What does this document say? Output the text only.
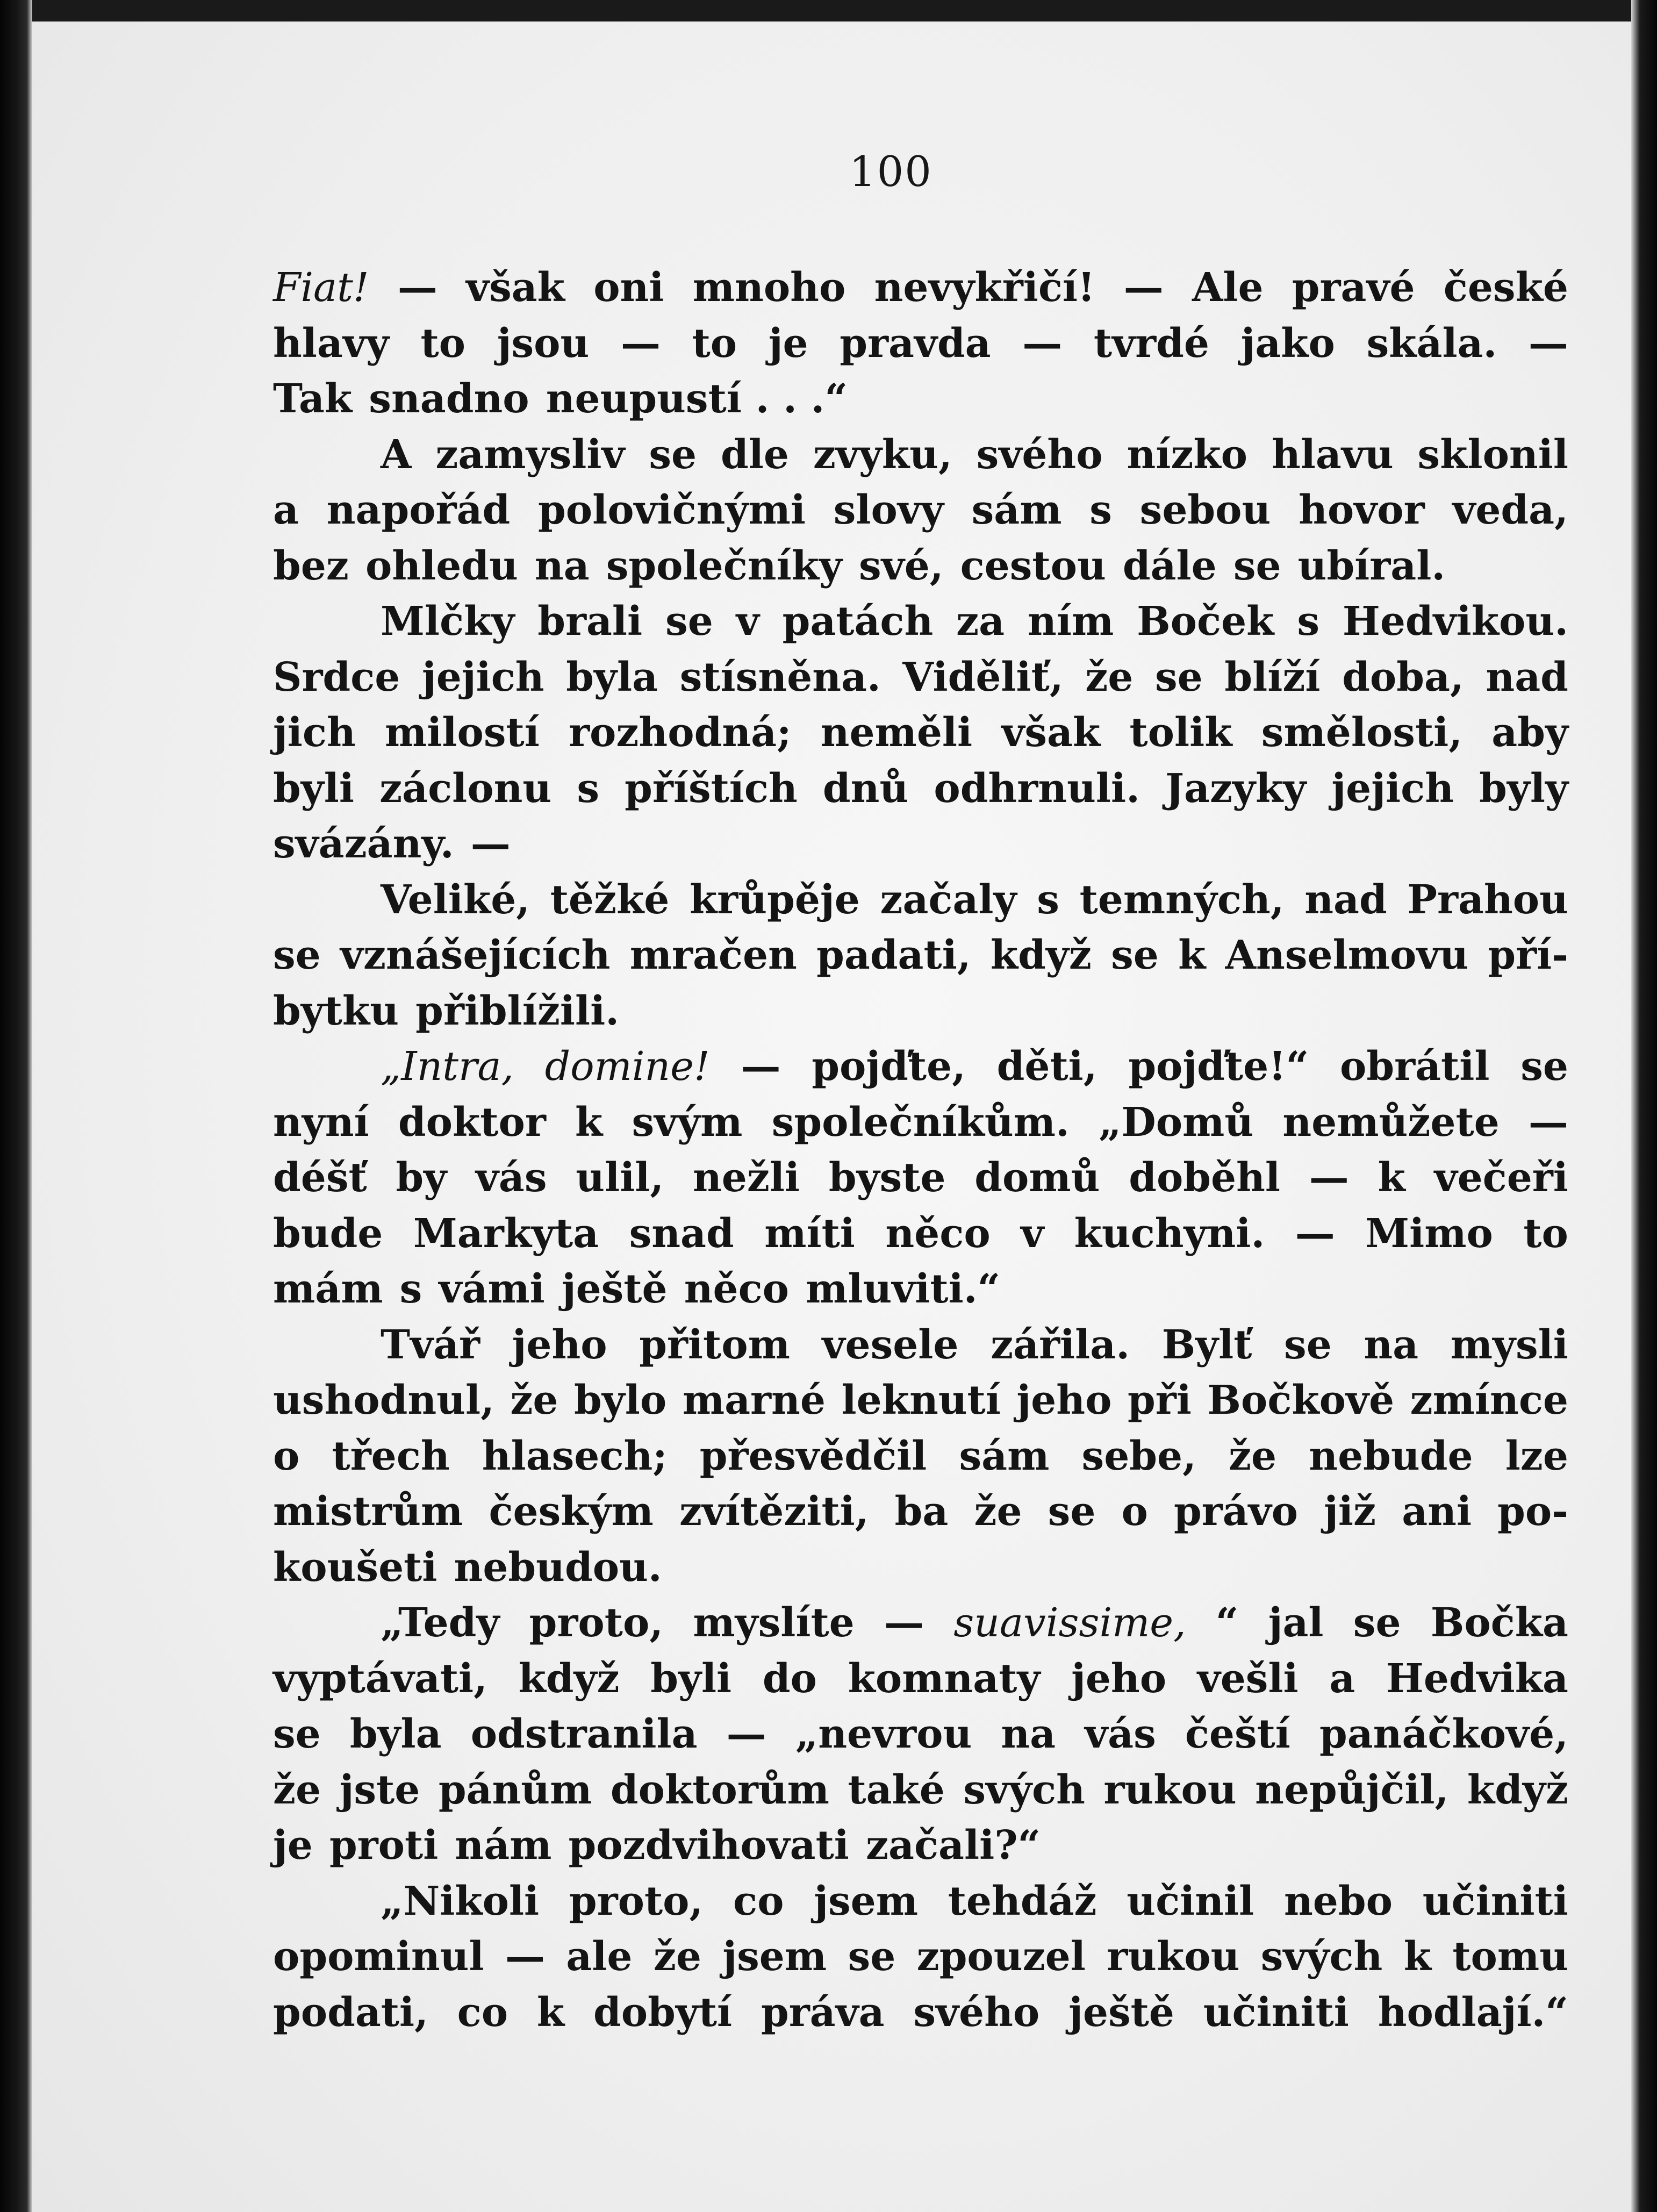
100
Fiat! — však oni mnoho nevykřičí! — Ale pravé české
hlavy to jsou — to je pravda — tvrdé jako skála. —
Tak snadno neupustí . . .“
A zamysliv se dle zvyku, svého nízko hlavu sklonil
a napořád polovičnými slovy sám s sebou hovor veda,
bez ohledu na společníky své, cestou dále se ubíral.
Mlčky brali se v patách za ním Boček s Hedvikou.
Srdce jejich byla stísněna. Viděliť, že se blíží doba, nad
jich milostí rozhodná; neměli však tolik smělosti, aby
byli záclonu s příštích dnů odhrnuli. Jazyky jejich byly
svázány. —
Veliké, těžké krůpěje začaly s temných, nad Prahou
se vznášejících mračen padati, když se k Anselmovu pří-
bytku přiblížili.
„Intra, domine! — pojďte, děti, pojďte!“ obrátil se
nyní doktor k svým společníkům. „Domů nemůžete —
déšť by vás ulil, nežli byste domů doběhl — k večeři
bude Markyta snad míti něco v kuchyni. — Mimo to
mám s vámi ještě něco mluviti.“
Tvář jeho přitom vesele zářila. Bylť se na mysli
ushodnul, že bylo marné leknutí jeho při Bočkově zmínce
o třech hlasech; přesvědčil sám sebe, že nebude lze
mistrům českým zvítěziti, ba že se o právo již ani po-
koušeti nebudou.
„Tedy proto, myslíte — suavissime, “ jal se Bočka
vyptávati, když byli do komnaty jeho vešli a Hedvika
se byla odstranila — „nevrou na vás čeští panáčkové,
že jste pánům doktorům také svých rukou nepůjčil, když
je proti nám pozdvihovati začali?“
„Nikoli proto, co jsem tehdáž učinil nebo učiniti
opominul — ale že jsem se zpouzel rukou svých k tomu
podati, co k dobytí práva svého ještě učiniti hodlají.“
